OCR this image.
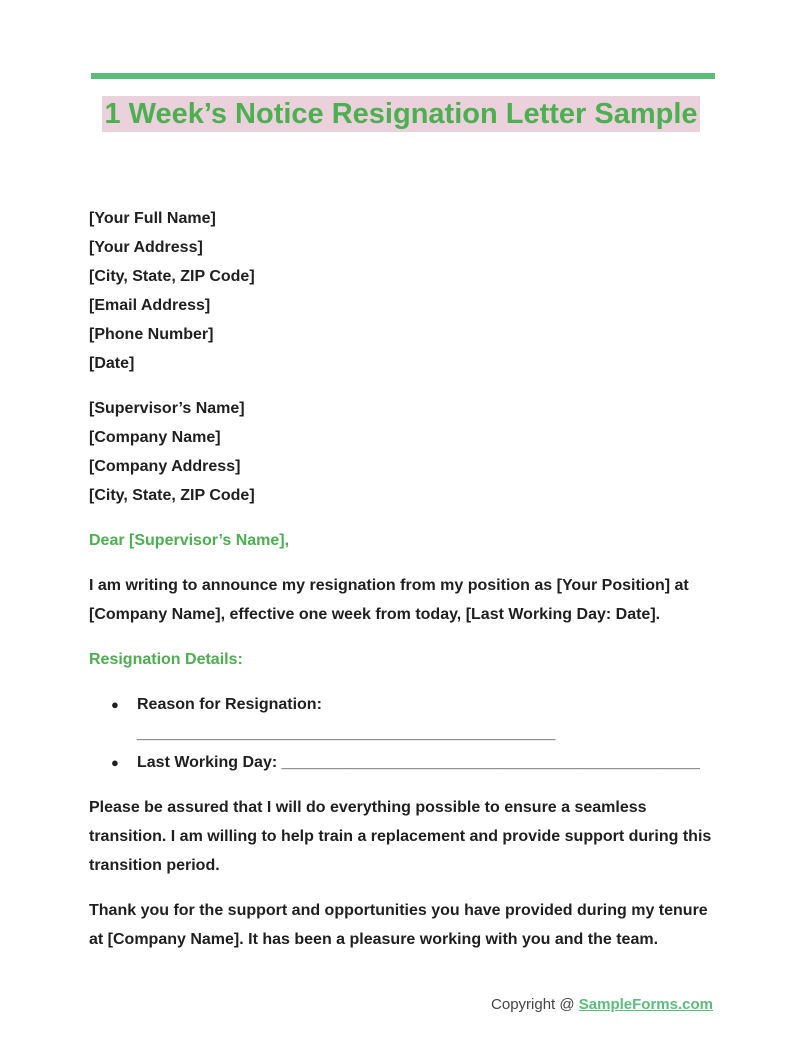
1 Week’s Notice Resignation Letter Sample
[Your Full Name]
[Your Address]
[City, State, ZIP Code]
[Email Address]
[Phone Number]
[Date]
[Supervisor’s Name]
[Company Name]
[Company Address]
[City, State, ZIP Code]
Dear [Supervisor’s Name],
I am writing to announce my resignation from my position as [Your Position] at [Company Name], effective one week from today, [Last Working Day: Date].
Resignation Details:
● Reason for Resignation: _______________________________________________
● Last Working Day: _______________________________________________
Please be assured that I will do everything possible to ensure a seamless transition. I am willing to help train a replacement and provide support during this transition period.
Thank you for the support and opportunities you have provided during my tenure at [Company Name]. It has been a pleasure working with you and the team.
Copyright @ SampleForms.com
